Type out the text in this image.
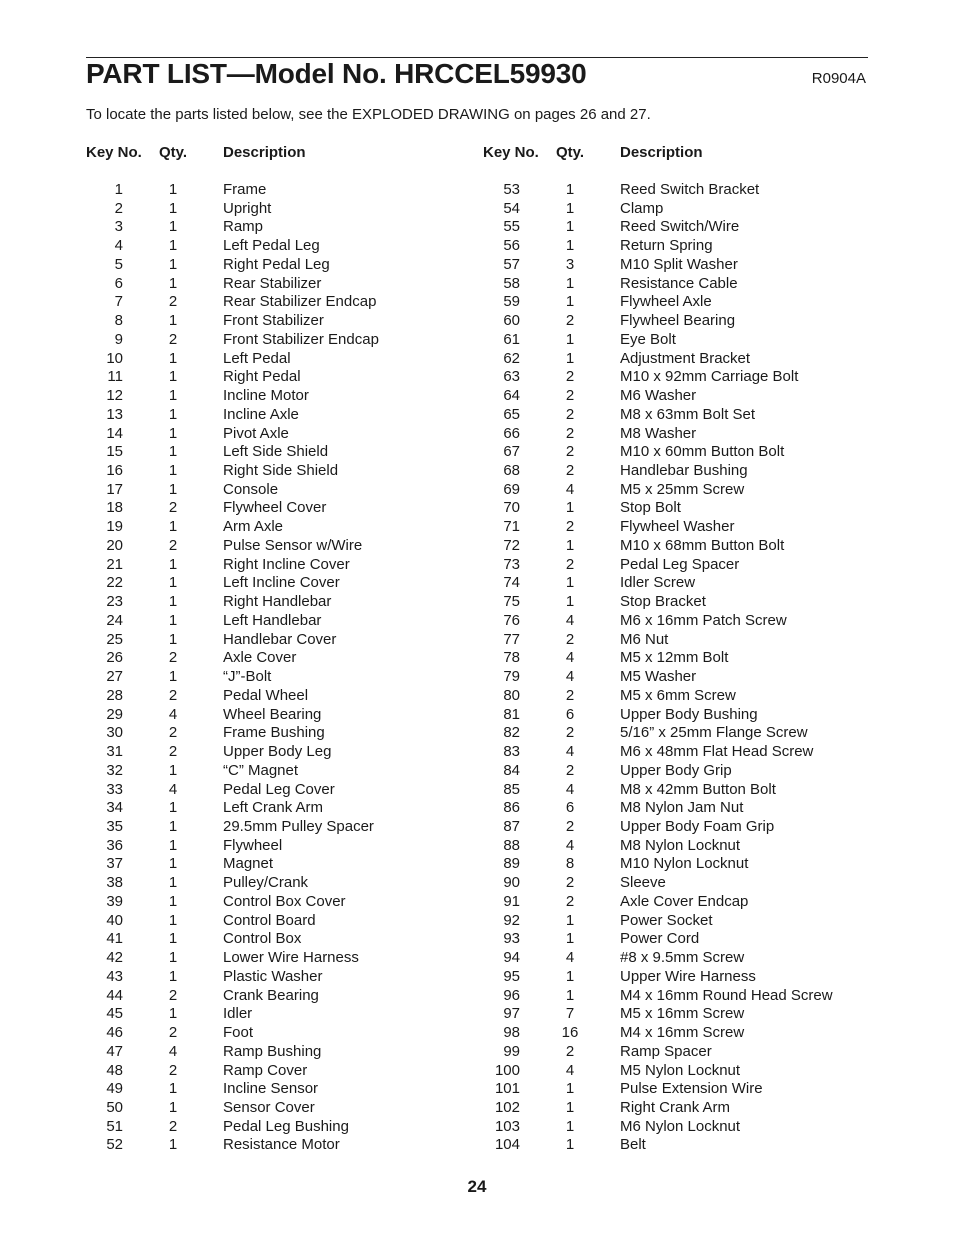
PART LIST—Model No. HRCCEL59930	R0904A
To locate the parts listed below, see the EXPLODED DRAWING on pages 26 and 27.
Key No. Qty. Description
1	1	Frame
2	1	Upright
3	1	Ramp
4	1	Left Pedal Leg
5	1	Right Pedal Leg
6	1	Rear Stabilizer
7	2	Rear Stabilizer Endcap
8	1	Front Stabilizer
9	2	Front Stabilizer Endcap
10	1	Left Pedal
11	1	Right Pedal
12	1	Incline Motor
13	1	Incline Axle
14	1	Pivot Axle
15	1	Left Side Shield
16	1	Right Side Shield
17	1	Console
18	2	Flywheel Cover
19	1	Arm Axle
20	2	Pulse Sensor w/Wire
21	1	Right Incline Cover
22	1	Left Incline Cover
23	1	Right Handlebar
24	1	Left Handlebar
25	1	Handlebar Cover
26	2	Axle Cover
27	1	“J”-Bolt
28	2	Pedal Wheel
29	4	Wheel Bearing
30	2	Frame Bushing
31	2	Upper Body Leg
32	1	“C” Magnet
33	4	Pedal Leg Cover
34	1	Left Crank Arm
35	1	29.5mm Pulley Spacer
36	1	Flywheel
37	1	Magnet
38	1	Pulley/Crank
39	1	Control Box Cover
40	1	Control Board
41	1	Control Box
42	1	Lower Wire Harness
43	1	Plastic Washer
44	2	Crank Bearing
45	1	Idler
46	2	Foot
47	4	Ramp Bushing
48	2	Ramp Cover
49	1	Incline Sensor
50	1	Sensor Cover
51	2	Pedal Leg Bushing
52	1	Resistance Motor
Key No. Qty. Description
53	1	Reed Switch Bracket
54	1	Clamp
55	1	Reed Switch/Wire
56	1	Return Spring
57	3	M10 Split Washer
58	1	Resistance Cable
59	1	Flywheel Axle
60	2	Flywheel Bearing
61	1	Eye Bolt
62	1	Adjustment Bracket
63	2	M10 x 92mm Carriage Bolt
64	2	M6 Washer
65	2	M8 x 63mm Bolt Set
66	2	M8 Washer
67	2	M10 x 60mm Button Bolt
68	2	Handlebar Bushing
69	4	M5 x 25mm Screw
70	1	Stop Bolt
71	2	Flywheel Washer
72	1	M10 x 68mm Button Bolt
73	2	Pedal Leg Spacer
74	1	Idler Screw
75	1	Stop Bracket
76	4	M6 x 16mm Patch Screw
77	2	M6 Nut
78	4	M5 x 12mm Bolt
79	4	M5 Washer
80	2	M5 x 6mm Screw
81	6	Upper Body Bushing
82	2	5/16” x 25mm Flange Screw
83	4	M6 x 48mm Flat Head Screw
84	2	Upper Body Grip
85	4	M8 x 42mm Button Bolt
86	6	M8 Nylon Jam Nut
87	2	Upper Body Foam Grip
88	4	M8 Nylon Locknut
89	8	M10 Nylon Locknut
90	2	Sleeve
91	2	Axle Cover Endcap
92	1	Power Socket
93	1	Power Cord
94	4	#8 x 9.5mm Screw
95	1	Upper Wire Harness
96	1	M4 x 16mm Round Head Screw
97	7	M5 x 16mm Screw
98	16	M4 x 16mm Screw
99	2	Ramp Spacer
100	4	M5 Nylon Locknut
101	1	Pulse Extension Wire
102	1	Right Crank Arm
103	1	M6 Nylon Locknut
104	1	Belt
24
